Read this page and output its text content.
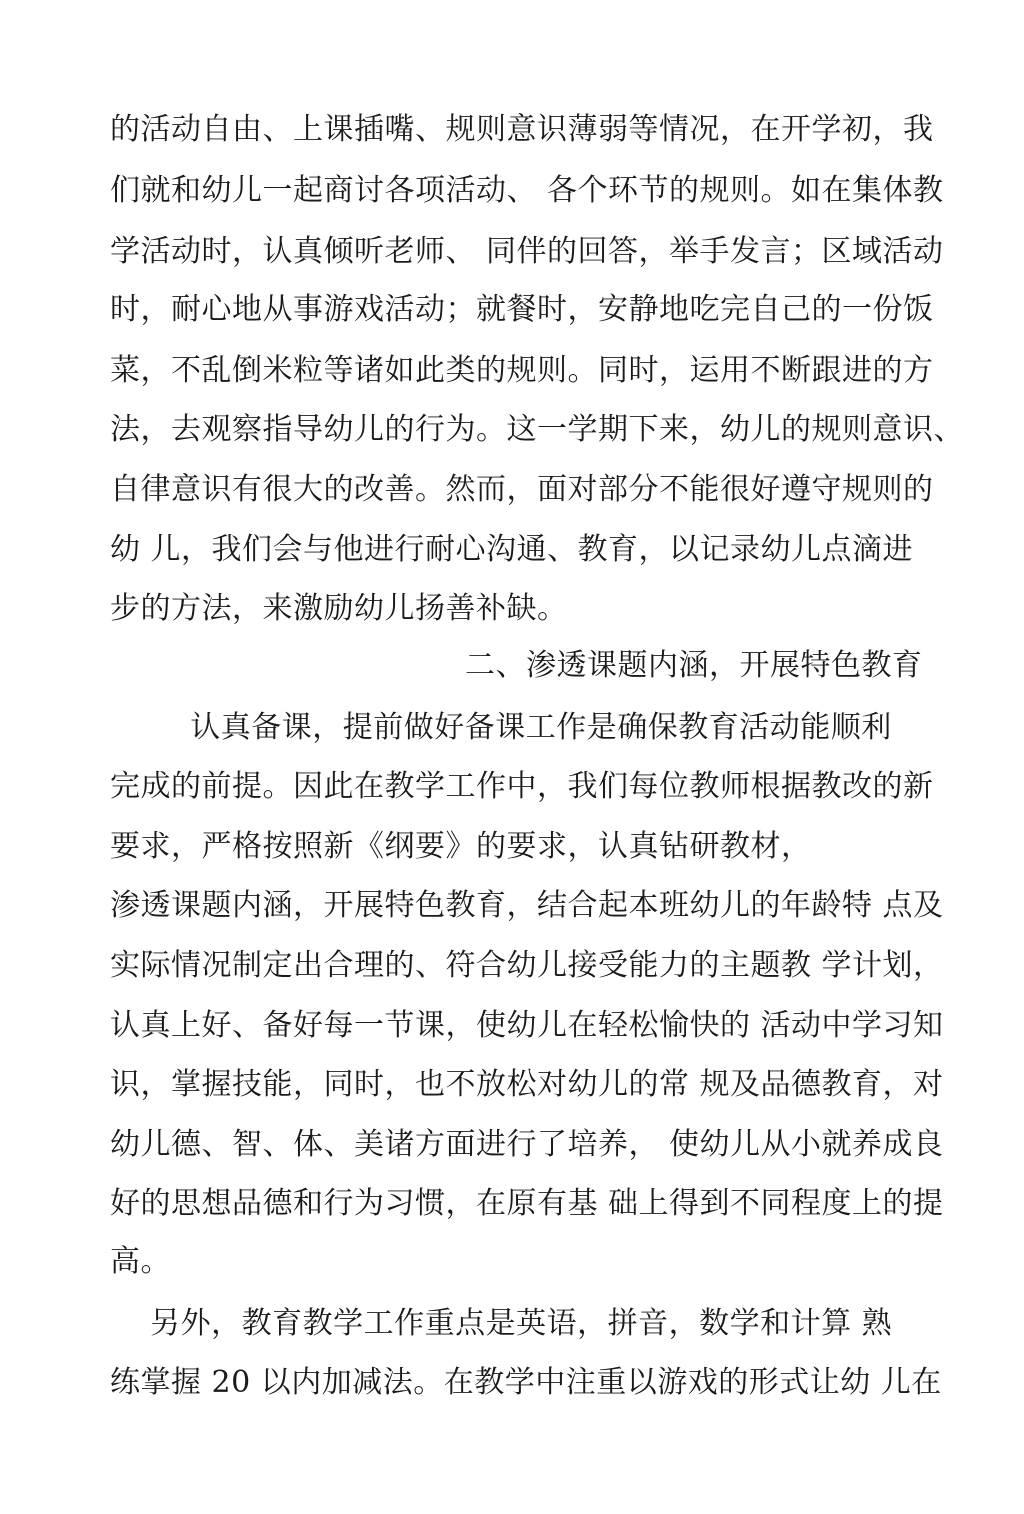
的活动自由、上课插嘴、规则意识薄弱等情况，在开学初，我
们就和幼儿一起商讨各项活动、 各个环节的规则。如在集体教
学活动时，认真倾听老师、 同伴的回答，举手发言；区域活动
时，耐心地从事游戏活动；就餐时，安静地吃完自己的一份饭
菜，不乱倒米粒等诸如此类的规则。同时，运用不断跟进的方
法，去观察指导幼儿的行为。这一学期下来，幼儿的规则意识、
自律意识有很大的改善。然而，面对部分不能很好遵守规则的
幼 儿，我们会与他进行耐心沟通、教育，以记录幼儿点滴进
步的方法，来激励幼儿扬善补缺。
二、渗透课题内涵，开展特色教育
认真备课，提前做好备课工作是确保教育活动能顺利
完成的前提。因此在教学工作中，我们每位教师根据教改的新
要求，严格按照新《纲要》的要求，认真钻研教材，
渗透课题内涵，开展特色教育，结合起本班幼儿的年龄特 点及
实际情况制定出合理的、符合幼儿接受能力的主题教 学计划，
认真上好、备好每一节课，使幼儿在轻松愉快的 活动中学习知
识，掌握技能，同时，也不放松对幼儿的常 规及品德教育，对
幼儿德、智、体、美诸方面进行了培养， 使幼儿从小就养成良
好的思想品德和行为习惯，在原有基 础上得到不同程度上的提
高。
另外，教育教学工作重点是英语，拼音，数学和计算 熟
练掌握 20 以内加减法。在教学中注重以游戏的形式让幼 儿在
